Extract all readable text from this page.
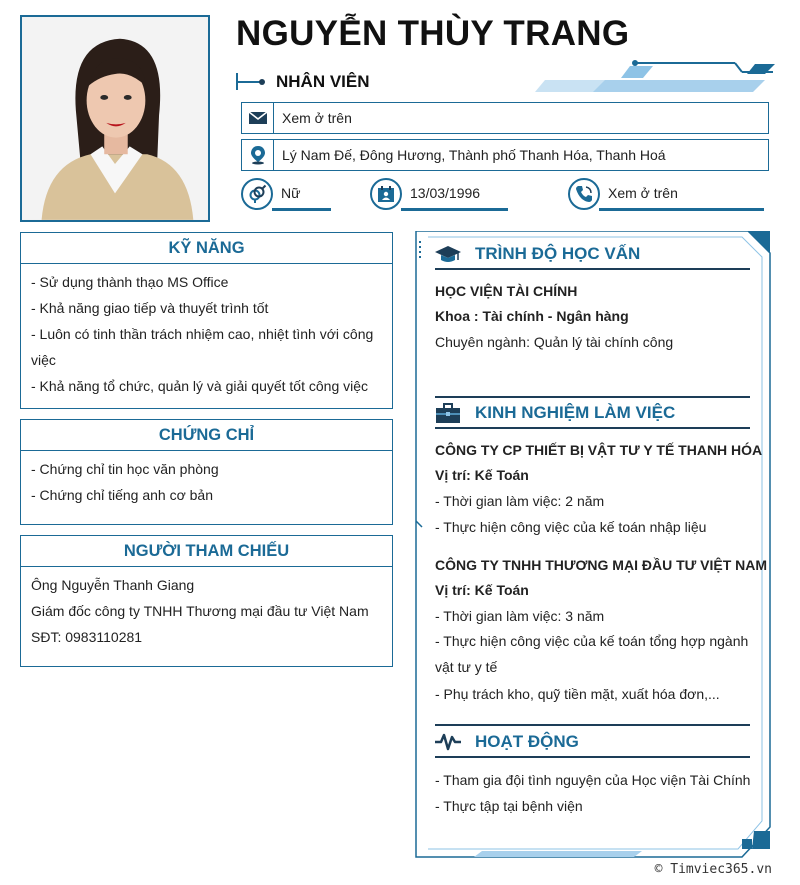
NGUYỄN THÙY TRANG
NHÂN VIÊN
Xem ở trên
Lý Nam Đế, Đông Hương, Thành phố Thanh Hóa, Thanh Hoá
Nữ	13/03/1996	Xem ở trên
KỸ NĂNG
- Sử dụng thành thạo MS Office
- Khả năng giao tiếp và thuyết trình tốt
- Luôn có tinh thần trách nhiệm cao, nhiệt tình với công việc
- Khả năng tổ chức, quản lý và giải quyết tốt công việc
CHỨNG CHỈ
- Chứng chỉ tin học văn phòng
- Chứng chỉ tiếng anh cơ bản
NGƯỜI THAM CHIẾU
Ông Nguyễn Thanh Giang
Giám đốc công ty TNHH Thương mại đầu tư Việt Nam
SĐT: 0983110281
TRÌNH ĐỘ HỌC VẤN
HỌC VIỆN TÀI CHÍNH
Khoa : Tài chính - Ngân hàng
Chuyên ngành: Quản lý tài chính công
KINH NGHIỆM LÀM VIỆC
CÔNG TY CP THIẾT BỊ VẬT TƯ Y TẾ THANH HÓA
Vị trí: Kế Toán
- Thời gian làm việc: 2 năm
- Thực hiện công việc của kế toán nhập liệu
CÔNG TY TNHH THƯƠNG MẠI ĐẦU TƯ VIỆT NAM
Vị trí: Kế Toán
- Thời gian làm việc: 3 năm
- Thực hiện công việc của kế toán tổng hợp ngành vật tư y tế
- Phụ trách kho, quỹ tiền mặt, xuất hóa đơn,...
HOẠT ĐỘNG
- Tham gia đội tình nguyện của Học viện Tài Chính
- Thực tập tại bệnh viện
© Timviec365.vn
